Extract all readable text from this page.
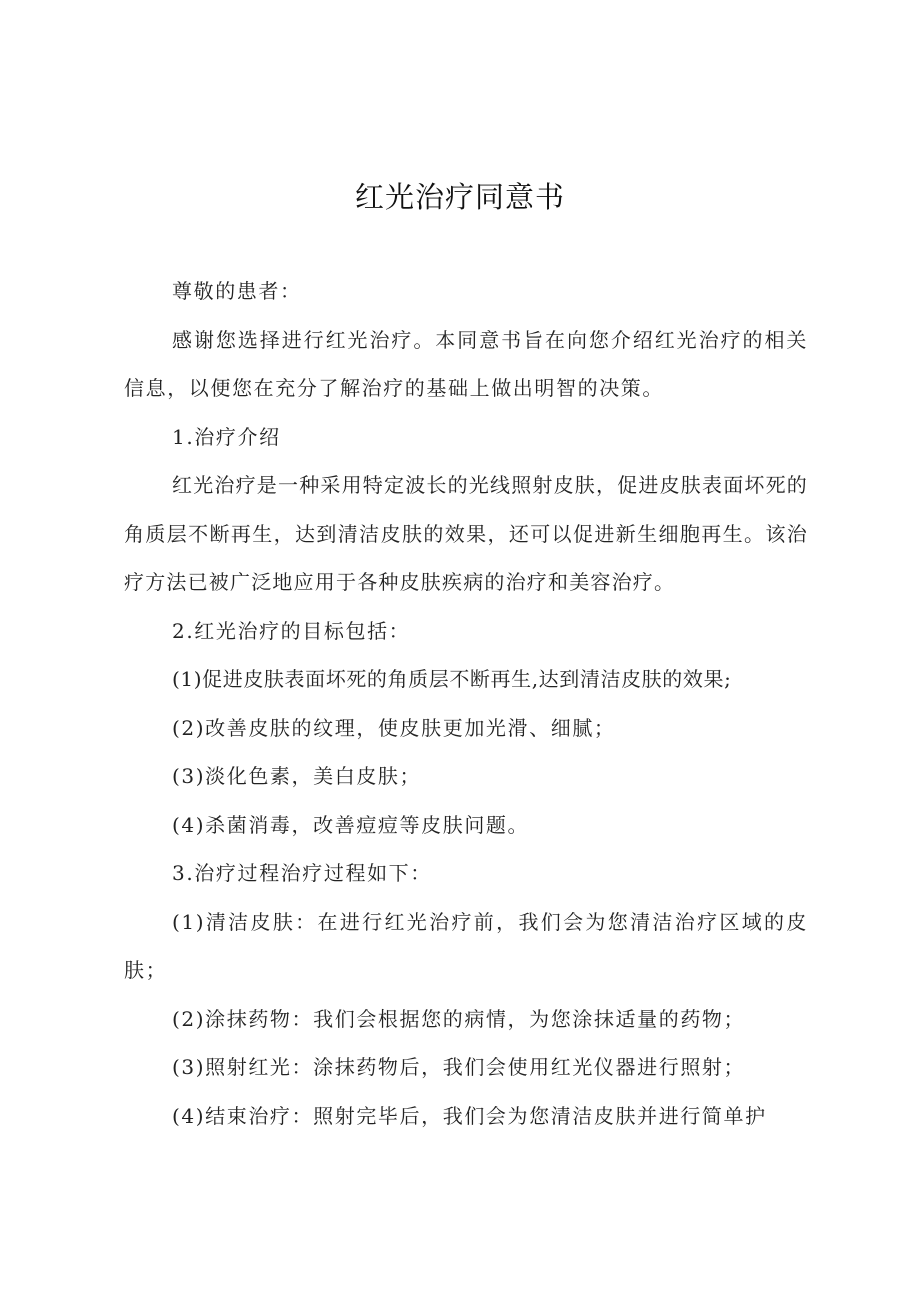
红光治疗同意书

尊敬的患者：

感谢您选择进行红光治疗。本同意书旨在向您介绍红光治疗的相关信息，以便您在充分了解治疗的基础上做出明智的决策。

1.治疗介绍

红光治疗是一种采用特定波长的光线照射皮肤，促进皮肤表面坏死的角质层不断再生，达到清洁皮肤的效果，还可以促进新生细胞再生。该治疗方法已被广泛地应用于各种皮肤疾病的治疗和美容治疗。

2.红光治疗的目标包括：

(1)促进皮肤表面坏死的角质层不断再生,达到清洁皮肤的效果;

(2)改善皮肤的纹理，使皮肤更加光滑、细腻；

(3)淡化色素，美白皮肤；

(4)杀菌消毒，改善痘痘等皮肤问题。

3.治疗过程治疗过程如下：

(1)清洁皮肤：在进行红光治疗前，我们会为您清洁治疗区域的皮肤；

(2)涂抹药物：我们会根据您的病情，为您涂抹适量的药物；

(3)照射红光：涂抹药物后，我们会使用红光仪器进行照射；

(4)结束治疗：照射完毕后，我们会为您清洁皮肤并进行简单护
